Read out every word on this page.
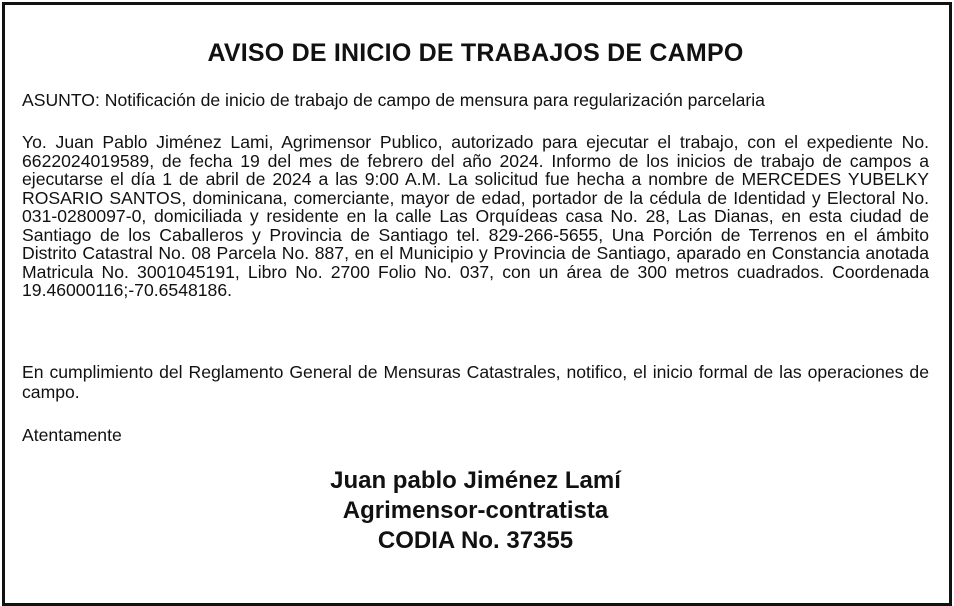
AVISO DE INICIO DE TRABAJOS DE CAMPO

ASUNTO: Notificación de inicio de trabajo de campo de mensura para regularización parcelaria

Yo. Juan Pablo Jiménez Lami, Agrimensor Publico, autorizado para ejecutar el trabajo, con el expediente No. 6622024019589, de fecha 19 del mes de febrero del año 2024. Informo de los inicios de trabajo de campos a ejecutarse el día 1 de abril de 2024 a las 9:00 A.M. La solicitud fue hecha a nombre de MERCEDES YUBELKY ROSARIO SANTOS, dominicana, comerciante, mayor de edad, portador de la cédula de Identidad y Electoral No. 031-0280097-0, domiciliada y residente en la calle Las Orquídeas casa No. 28, Las Dianas, en esta ciudad de Santiago de los Caballeros y Provincia de Santiago tel. 829-266-5655, Una Porción de Terrenos en el ámbito Distrito Catastral No. 08 Parcela No. 887, en el Municipio y Provincia de Santiago, aparado en Constancia anotada Matricula No. 3001045191, Libro No. 2700 Folio No. 037, con un área de 300 metros cuadrados. Coordenada 19.46000116;-70.6548186.

En cumplimiento del Reglamento General de Mensuras Catastrales, notifico, el inicio formal de las operaciones de campo.

Atentamente

Juan pablo Jiménez Lamí
Agrimensor-contratista
CODIA No. 37355
